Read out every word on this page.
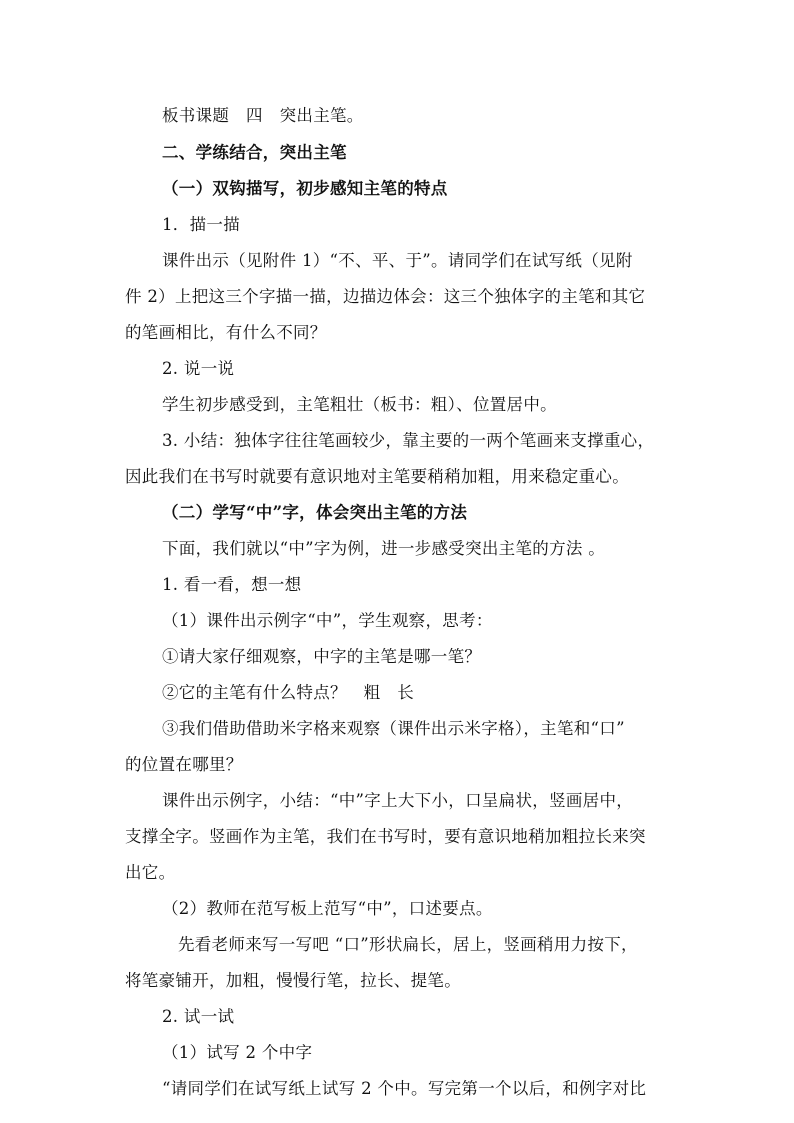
板书课题　四　突出主笔。
二、学练结合，突出主笔
（一）双钩描写，初步感知主笔的特点
1．描一描
课件出示（见附件 1）“不、平、于”。请同学们在试写纸（见附
件 2）上把这三个字描一描，边描边体会：这三个独体字的主笔和其它
的笔画相比，有什么不同？
2. 说一说
学生初步感受到，主笔粗壮（板书：粗）、位置居中。
3. 小结：独体字往往笔画较少，靠主要的一两个笔画来支撑重心，
因此我们在书写时就要有意识地对主笔要稍稍加粗，用来稳定重心。
（二）学写“中”字，体会突出主笔的方法
下面，我们就以“中”字为例，进一步感受突出主笔的方法 。
1. 看一看，想一想
（1）课件出示例字“中”，学生观察，思考：
①请大家仔细观察，中字的主笔是哪一笔？
②它的主笔有什么特点？　粗　长
③我们借助借助米字格来观察（课件出示米字格），主笔和“口”
的位置在哪里？
课件出示例字，小结：“中”字上大下小，口呈扁状，竖画居中，
支撑全字。竖画作为主笔，我们在书写时，要有意识地稍加粗拉长来突
出它。
（2）教师在范写板上范写“中”，口述要点。
先看老师来写一写吧 “口”形状扁长，居上，竖画稍用力按下，
将笔豪铺开，加粗，慢慢行笔，拉长、提笔。
2. 试一试
（1）试写 2 个中字
“请同学们在试写纸上试写 2 个中。写完第一个以后，和例字对比
